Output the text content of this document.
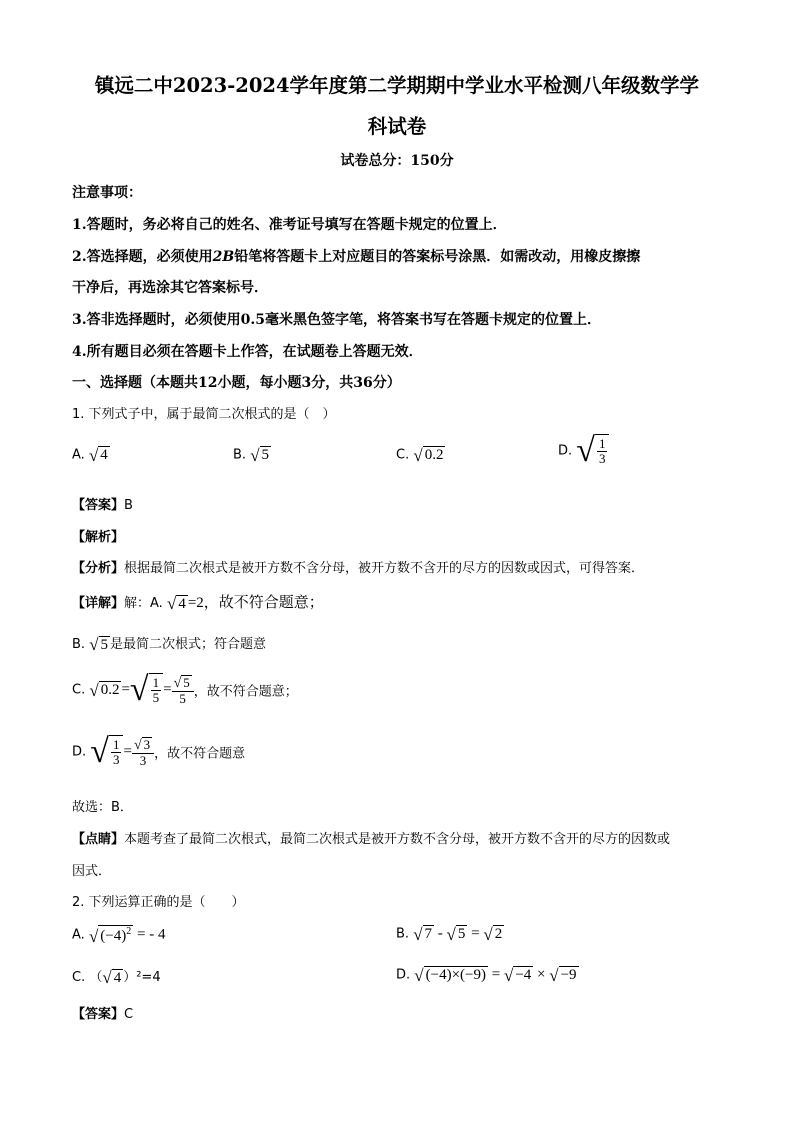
镇远二中2023-2024学年度第二学期期中学业水平检测八年级数学学
科试卷
试卷总分：150分
注意事项：
1.答题时，务必将自己的姓名、准考证号填写在答题卡规定的位置上．
2.答选择题，必须使用2B铅笔将答题卡上对应题目的答案标号涂黑．如需改动，用橡皮擦擦
干净后，再选涂其它答案标号．
3.答非选择题时，必须使用0.5毫米黑色签字笔，将答案书写在答题卡规定的位置上．
4.所有题目必须在答题卡上作答，在试题卷上答题无效．
一、选择题（本题共12小题，每小题3分，共36分）
1. 下列式子中，属于最简二次根式的是（　）
A. √ 4	B. √ 5	C. √ 0.2	D. √ $\frac{1}{3}$
【答案】B
【解析】
【分析】根据最简二次根式是被开方数不含分母，被开方数不含开的尽方的因数或因式，可得答案．
【详解】解：A. √ 4 =2，故不符合题意；
B. √ 5 是最简二次根式；符合题意
C. √ 0.2 = √ $\frac{1}{5} = \frac{√ 5}{5}$ ，故不符合题意；
D. √ $\frac{1}{3} = \frac{√ 3}{3}$ ，故不符合题意
故选：B．
【点睛】本题考查了最简二次根式，最简二次根式是被开方数不含分母，被开方数不含开的尽方的因数或
因式．
2. 下列运算正确的是（　　）
A. √ $(-4)^2$ = - 4	B. √ 7 - √ 5 = √ 2
C. （ √ 4 ）²=4	D. √ (−4)×(−9) = √ −4 × √ −9
【答案】C
